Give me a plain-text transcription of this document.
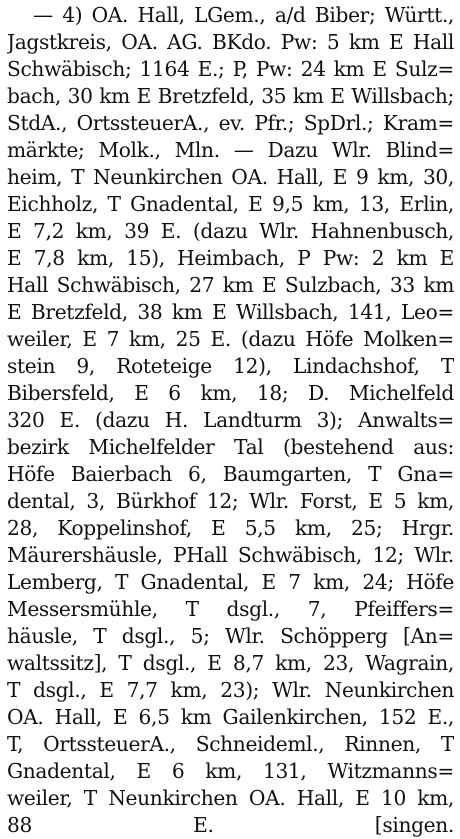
— 4) OA. Hall, LGem., a/d Biber; Württ.,
Jagstkreis, OA. AG. BKdo. Pw: 5 km E Hall
Schwäbisch; 1164 E.; P, Pw: 24 km E Sulz=
bach, 30 km E Bretzfeld, 35 km E Willsbach;
StdA., OrtssteuerA., ev. Pfr.; SpDrl.; Kram=
märkte; Molk., Mln. — Dazu Wlr. Blind=
heim, T Neunkirchen OA. Hall, E 9 km, 30,
Eichholz, T Gnadental, E 9,5 km, 13, Erlin,
E 7,2 km, 39 E. (dazu Wlr. Hahnenbusch,
E 7,8 km, 15), Heimbach, P Pw: 2 km E
Hall Schwäbisch, 27 km E Sulzbach, 33 km
E Bretzfeld, 38 km E Willsbach, 141, Leo=
weiler, E 7 km, 25 E. (dazu Höfe Molken=
stein 9, Roteteige 12), Lindachshof, T
Bibersfeld, E 6 km, 18; D. Michelfeld
320 E. (dazu H. Landturm 3); Anwalts=
bezirk Michelfelder Tal (bestehend aus:
Höfe Baierbach 6, Baumgarten, T Gna=
dental, 3, Bürkhof 12; Wlr. Forst, E 5 km,
28, Koppelinshof, E 5,5 km, 25; Hrgr.
Mäurershäusle, PHall Schwäbisch, 12; Wlr.
Lemberg, T Gnadental, E 7 km, 24; Höfe
Messersmühle, T dsgl., 7, Pfeiffers=
häusle, T dsgl., 5; Wlr. Schöpperg [An=
waltssitz], T dsgl., E 8,7 km, 23, Wagrain,
T dsgl., E 7,7 km, 23); Wlr. Neunkirchen
OA. Hall, E 6,5 km Gailenkirchen, 152 E.,
T, OrtssteuerA., Schneideml., Rinnen, T
Gnadental, E 6 km, 131, Witzmanns=
weiler, T Neunkirchen OA. Hall, E 10 km,
88 E. [singen.
